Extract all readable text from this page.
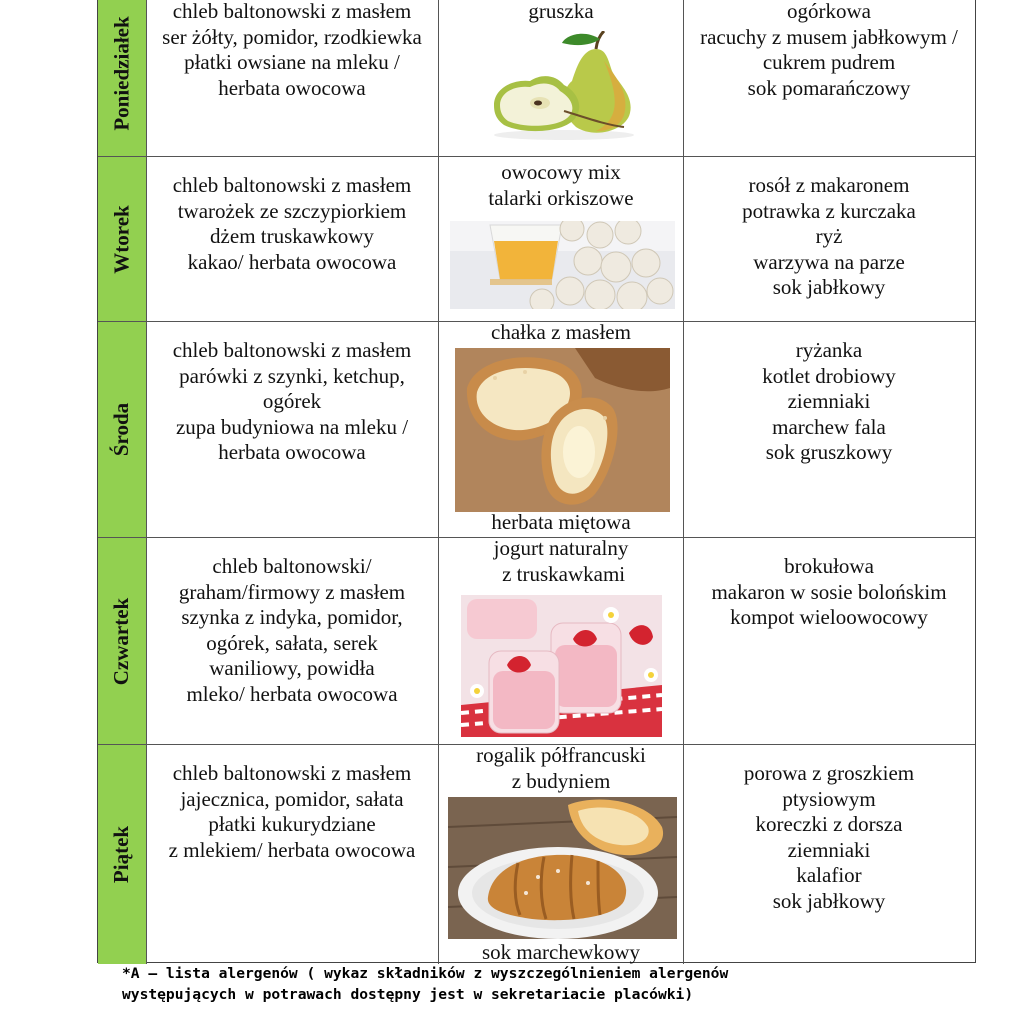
Poniedziałek
chleb baltonowski z masłem
ser żółty, pomidor, rzodkiewka
płatki owsiane na mleku /
herbata owocowa
gruszka	ogórkowa
racuchy z musem jabłkowym /
cukrem pudrem
sok pomarańczowy
Wtorek
chleb baltonowski z masłem
twarożek ze szczypiorkiem
dżem truskawkowy
kakao/ herbata owocowa
owocowy mix
talarki orkiszowe
rosół z makaronem
potrawka z kurczaka
ryż
warzywa na parze
sok jabłkowy
Środa
chleb baltonowski z masłem
parówki z szynki, ketchup,
ogórek
zupa budyniowa na mleku /
herbata owocowa
chałka z masłem
herbata miętowa
ryżanka
kotlet drobiowy
ziemniaki
marchew fala
sok gruszkowy
Czwartek
chleb baltonowski/
graham/firmowy z masłem
szynka z indyka, pomidor,
ogórek, sałata, serek
waniliowy, powidła
mleko/ herbata owocowa
jogurt naturalny
z truskawkami	brokułowa
makaron w sosie bolońskim
kompot wieloowocowy
Piątek
chleb baltonowski z masłem
jajecznica, pomidor, sałata
płatki kukurydziane
z mlekiem/ herbata owocowa
rogalik półfrancuski
z budyniem
sok marchewkowy
porowa z groszkiem
ptysiowym
koreczki z dorsza
ziemniaki
kalafior
sok jabłkowy
*A – lista alergenów ( wykaz składników z wyszczególnieniem alergenów
występujących w potrawach dostępny jest w sekretariacie placówki)
